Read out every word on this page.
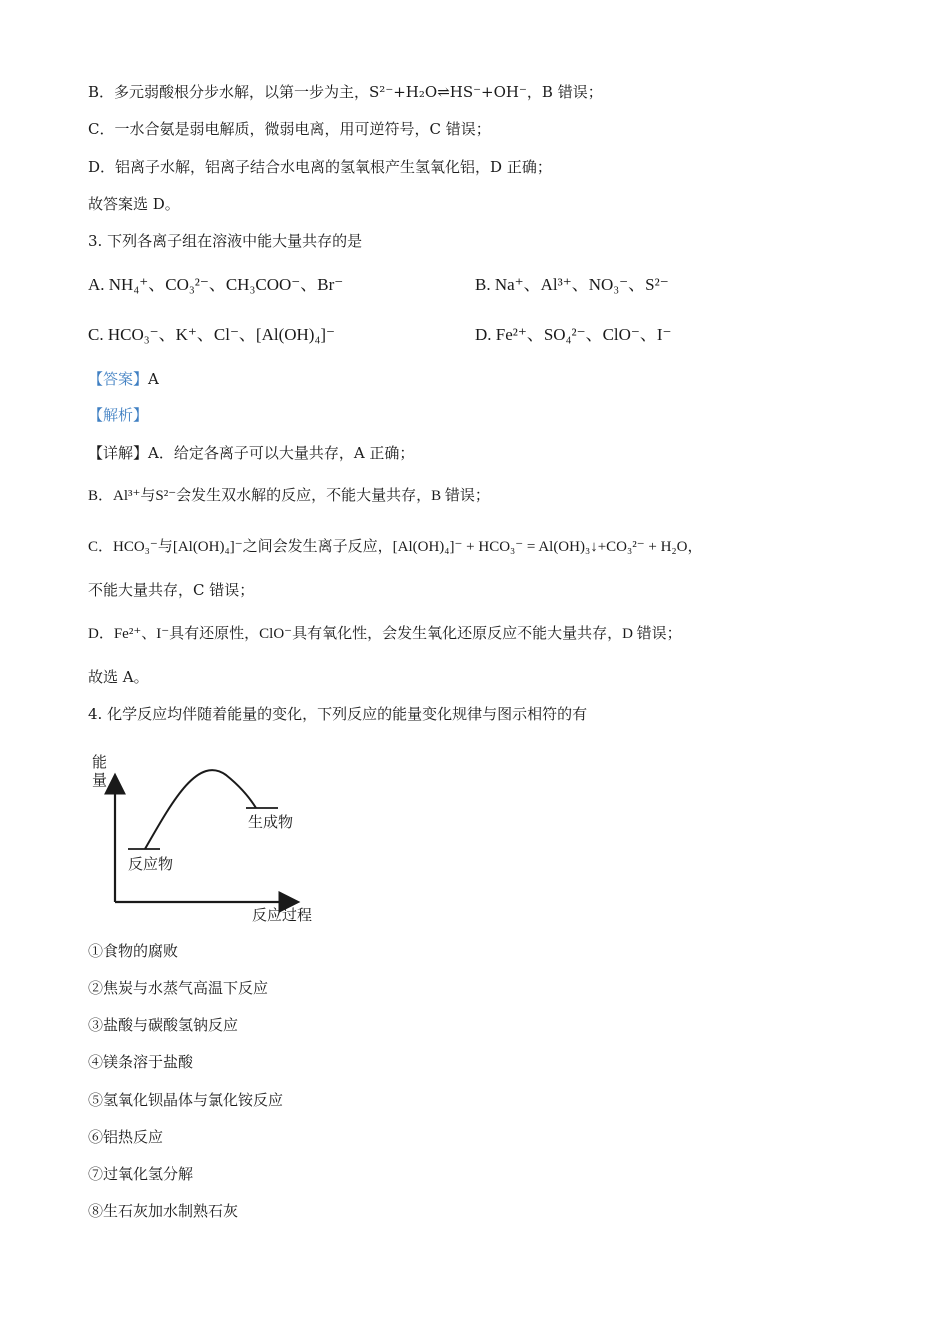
B．多元弱酸根分步水解，以第一步为主，S²⁻+H₂O⇌HS⁻+OH⁻，B 错误；
C．一水合氨是弱电解质，微弱电离，用可逆符号，C 错误；
D．铝离子水解，铝离子结合水电离的氢氧根产生氢氧化铝，D 正确；
故答案选 D。
3. 下列各离子组在溶液中能大量共存的是
A. NH₄⁺、CO₃²⁻、CH₃COO⁻、Br⁻	B. Na⁺、Al³⁺、NO₃⁻、S²⁻
C. HCO₃⁻、K⁺、Cl⁻、[Al(OH)₄]⁻	D. Fe²⁺、SO₄²⁻、ClO⁻、I⁻
【答案】A
【解析】
【详解】A．给定各离子可以大量共存，A 正确；
B．Al³⁺与S²⁻会发生双水解的反应，不能大量共存，B 错误；
C．HCO₃⁻与[Al(OH)₄]⁻之间会发生离子反应，[Al(OH)₄]⁻ + HCO₃⁻ = Al(OH)₃↓+CO₃²⁻ + H₂O，
不能大量共存，C 错误；
D．Fe²⁺、I⁻具有还原性，ClO⁻具有氧化性，会发生氧化还原反应不能大量共存，D 错误；
故选 A。
4. 化学反应均伴随着能量的变化，下列反应的能量变化规律与图示相符的有
能
量
反应物
生成物
反应过程
①食物的腐败
②焦炭与水蒸气高温下反应
③盐酸与碳酸氢钠反应
④镁条溶于盐酸
⑤氢氧化钡晶体与氯化铵反应
⑥铝热反应
⑦过氧化氢分解
⑧生石灰加水制熟石灰
